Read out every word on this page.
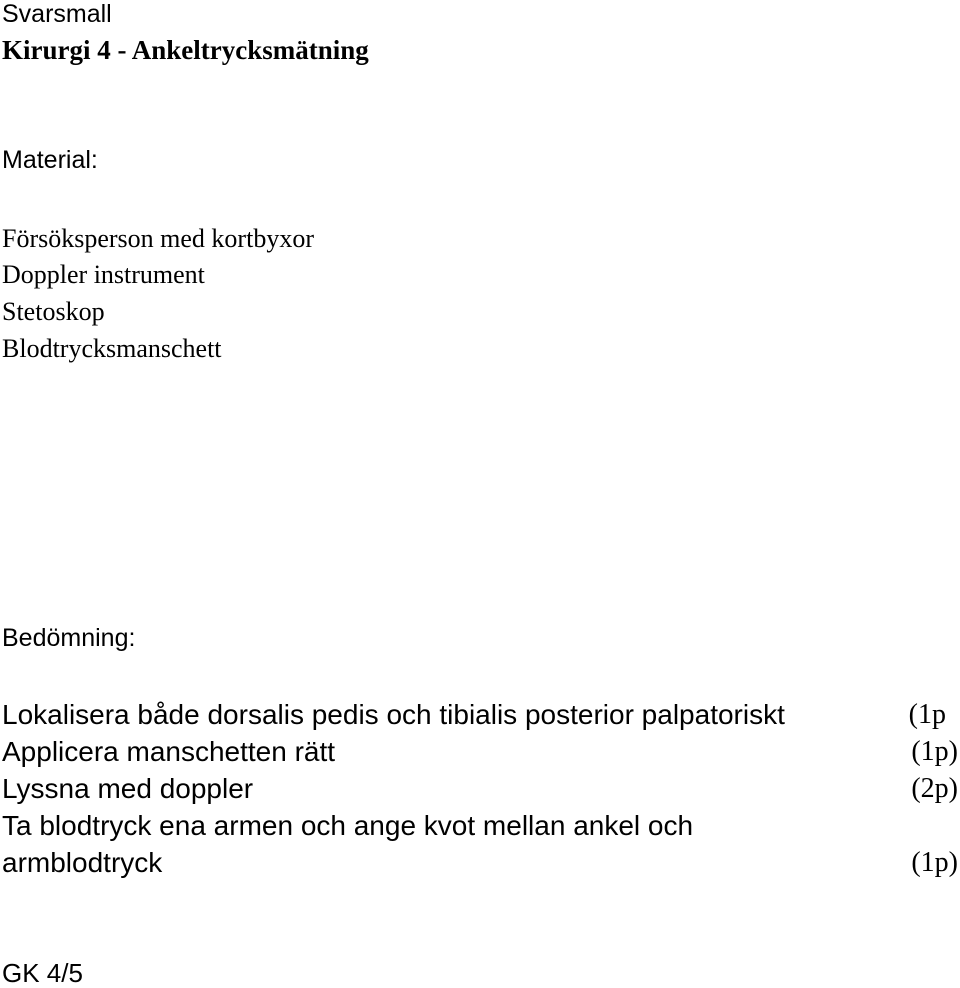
Svarsmall
Kirurgi 4 - Ankeltrycksmätning
Material:
Försöksperson med kortbyxor
Doppler instrument
Stetoskop
Blodtrycksmanschett
Bedömning:
Lokalisera både dorsalis pedis och tibialis posterior palpatoriskt	(1p
Applicera manschetten rätt	(1p)
Lyssna med doppler	(2p)
Ta blodtryck ena armen och ange kvot mellan ankel och
armblodtryck	(1p)
GK 4/5
